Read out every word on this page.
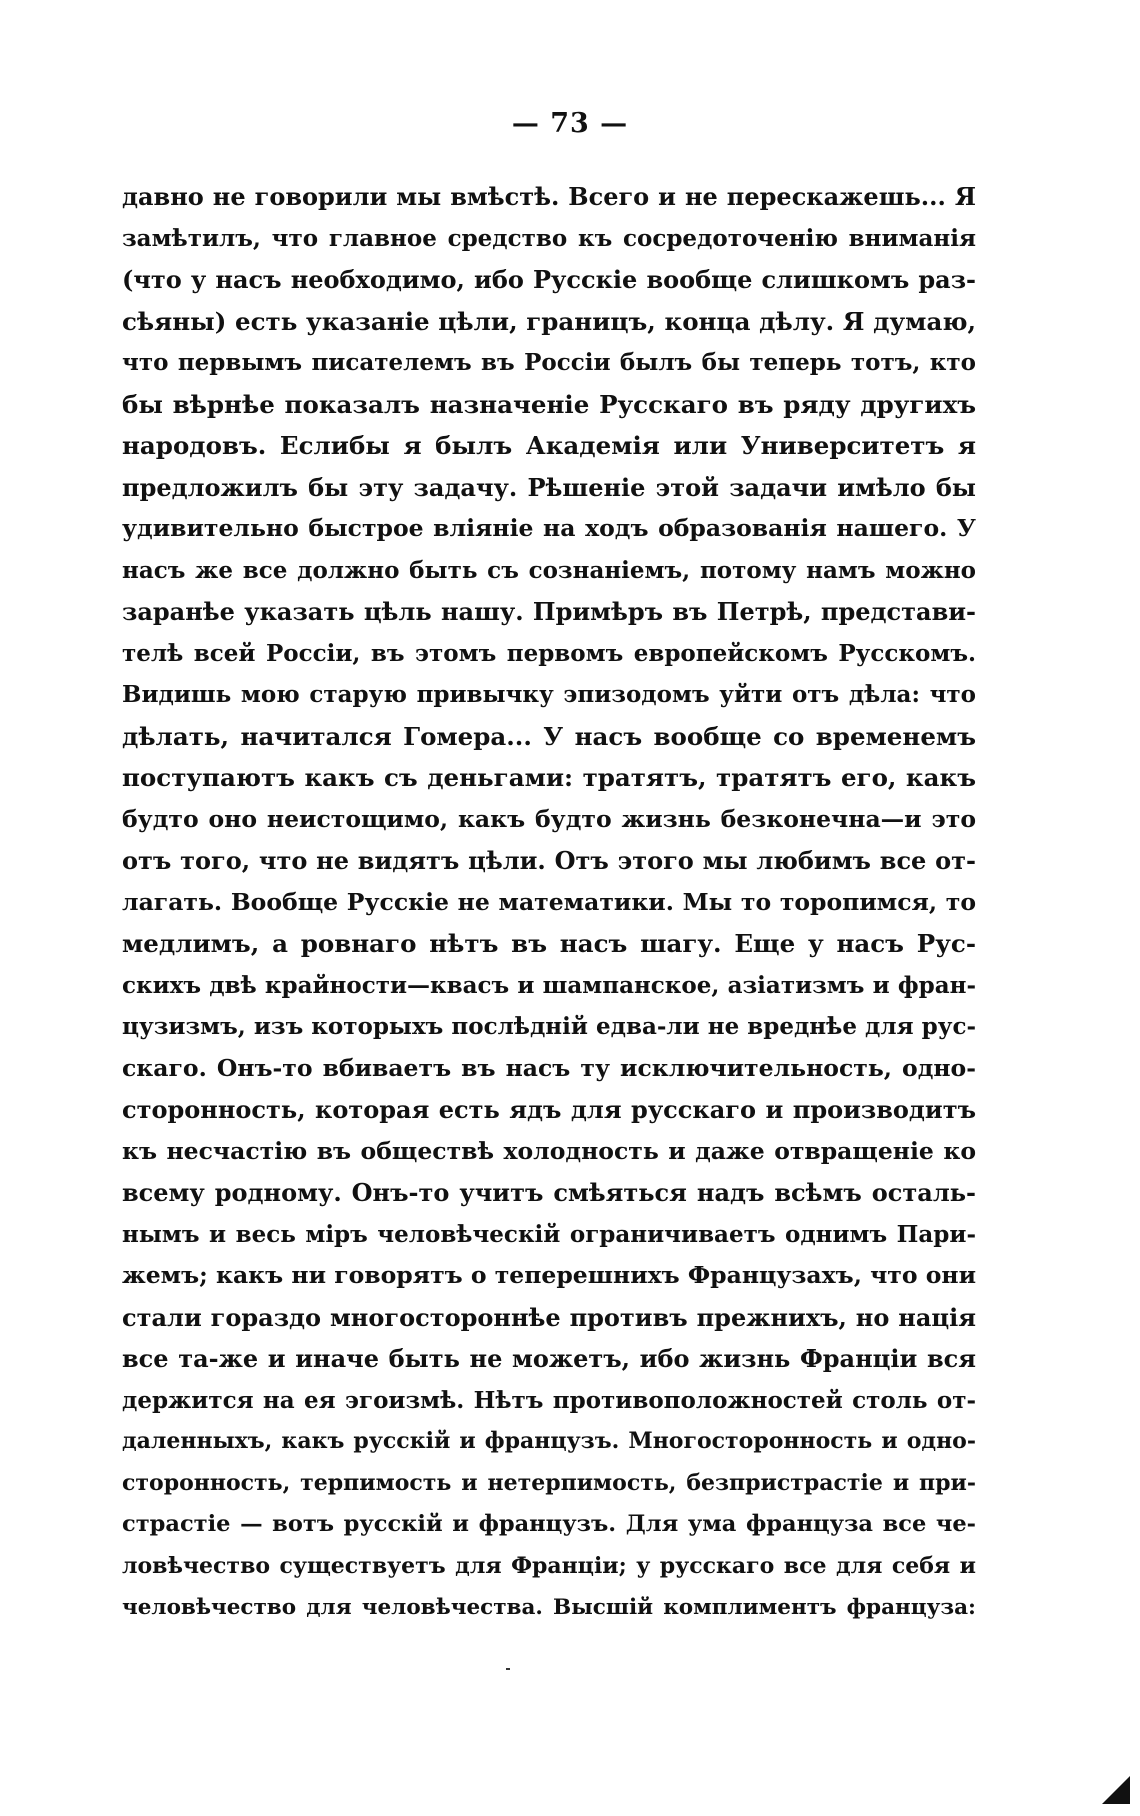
— 73 —
давно не говорили мы вмѣстѣ. Всего и не перескажешь... Я
замѣтилъ, что главное средство къ сосредоточенію вниманія
(что у насъ необходимо, ибо Русскіе вообще слишкомъ раз-
сѣяны) есть указаніе цѣли, границъ, конца дѣлу. Я думаю,
что первымъ писателемъ въ Россіи былъ бы теперь тотъ, кто
бы вѣрнѣе показалъ назначеніе Русскаго въ ряду другихъ
народовъ. Еслибы я былъ Академія или Университетъ я
предложилъ бы эту задачу. Рѣшеніе этой задачи имѣло бы
удивительно быстрое вліяніе на ходъ образованія нашего. У
насъ же все должно быть съ сознаніемъ, потому намъ можно
заранѣе указать цѣль нашу. Примѣръ въ Петрѣ, представи-
телѣ всей Россіи, въ этомъ первомъ европейскомъ Русскомъ.
Видишь мою старую привычку эпизодомъ уйти отъ дѣла: что
дѣлать, начитался Гомера... У насъ вообще со временемъ
поступаютъ какъ съ деньгами: тратятъ, тратятъ его, какъ
будто оно неистощимо, какъ будто жизнь безконечна—и это
отъ того, что не видятъ цѣли. Отъ этого мы любимъ все от-
лагать. Вообще Русскіе не математики. Мы то торопимся, то
медлимъ, а ровнаго нѣтъ въ насъ шагу. Еще у насъ Рус-
скихъ двѣ крайности—квасъ и шампанское, азіатизмъ и фран-
цузизмъ, изъ которыхъ послѣдній едва-ли не вреднѣе для рус-
скаго. Онъ-то вбиваетъ въ насъ ту исключительность, одно-
сторонность, которая есть ядъ для русскаго и производитъ
къ несчастію въ обществѣ холодность и даже отвращеніе ко
всему родному. Онъ-то учитъ смѣяться надъ всѣмъ осталь-
нымъ и весь міръ человѣческій ограничиваетъ однимъ Пари-
жемъ; какъ ни говорятъ о теперешнихъ Французахъ, что они
стали гораздо многостороннѣе противъ прежнихъ, но нація
все та-же и иначе быть не можетъ, ибо жизнь Франціи вся
держится на ея эгоизмѣ. Нѣтъ противоположностей столь от-
даленныхъ, какъ русскій и французъ. Многосторонность и одно-
сторонность, терпимость и нетерпимость, безпристрастіе и при-
страстіе — вотъ русскій и французъ. Для ума француза все че-
ловѣчество существуетъ для Франціи; у русскаго все для себя и
человѣчество для человѣчества. Высшій комплиментъ француза:
